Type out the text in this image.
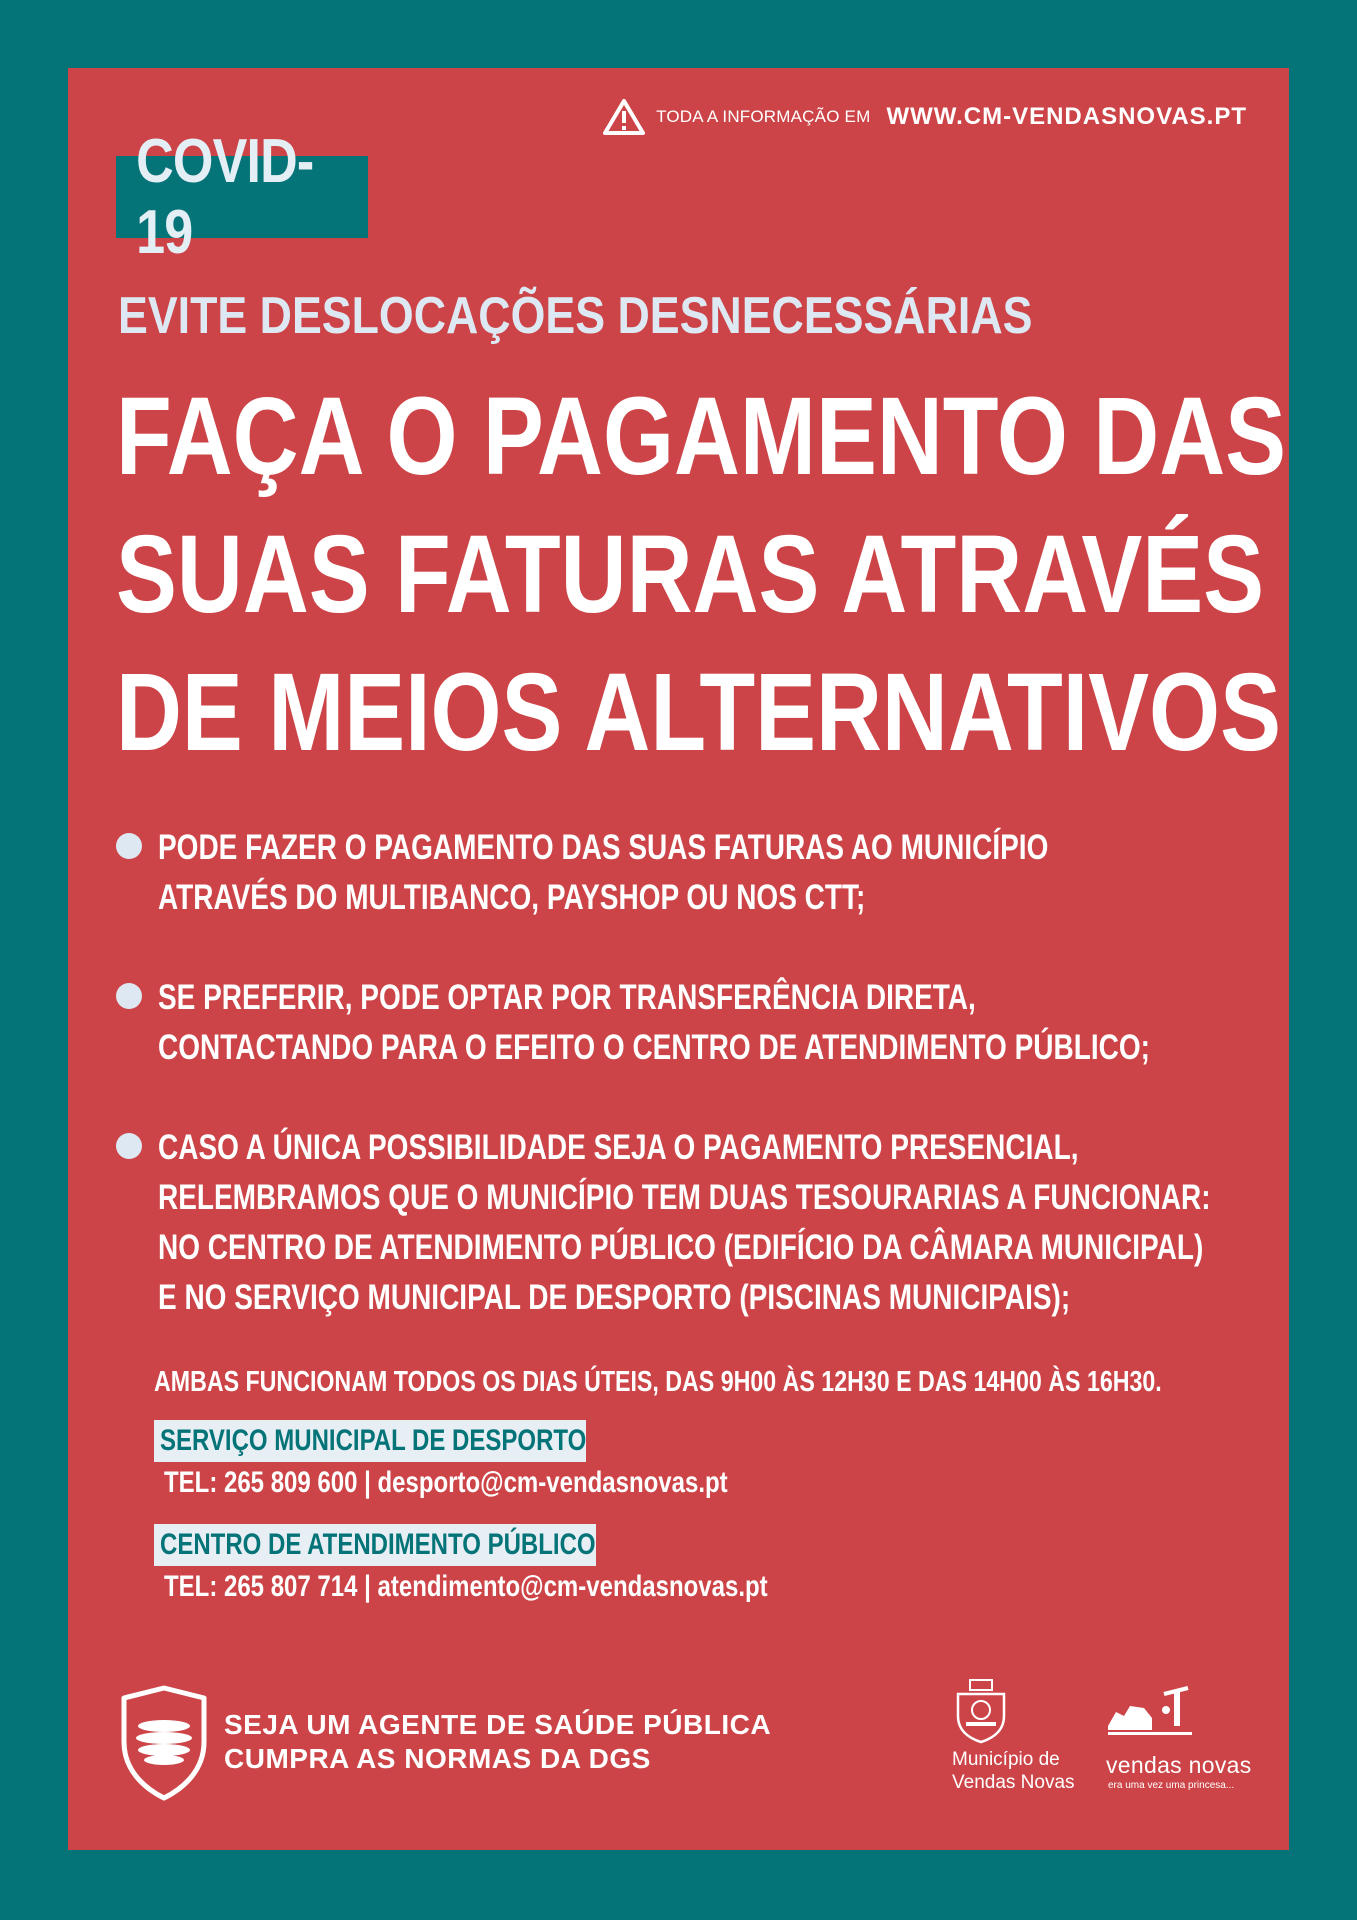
TODA A INFORMAÇÃO EM WWW.CM-VENDASNOVAS.PT
COVID-19
EVITE DESLOCAÇÕES DESNECESSÁRIAS
FAÇA O PAGAMENTO DAS
SUAS FATURAS ATRAVÉS
DE MEIOS ALTERNATIVOS
PODE FAZER O PAGAMENTO DAS SUAS FATURAS AO MUNICÍPIO
ATRAVÉS DO MULTIBANCO, PAYSHOP OU NOS CTT;
SE PREFERIR, PODE OPTAR POR TRANSFERÊNCIA DIRETA,
CONTACTANDO PARA O EFEITO O CENTRO DE ATENDIMENTO PÚBLICO;
CASO A ÚNICA POSSIBILIDADE SEJA O PAGAMENTO PRESENCIAL,
RELEMBRAMOS QUE O MUNICÍPIO TEM DUAS TESOURARIAS A FUNCIONAR:
NO CENTRO DE ATENDIMENTO PÚBLICO (EDIFÍCIO DA CÂMARA MUNICIPAL)
E NO SERVIÇO MUNICIPAL DE DESPORTO (PISCINAS MUNICIPAIS);
AMBAS FUNCIONAM TODOS OS DIAS ÚTEIS, DAS 9H00 ÀS 12H30 E DAS 14H00 ÀS 16H30.
SERVIÇO MUNICIPAL DE DESPORTO
TEL: 265 809 600 | desporto@cm-vendasnovas.pt
CENTRO DE ATENDIMENTO PÚBLICO
TEL: 265 807 714 | atendimento@cm-vendasnovas.pt
SEJA UM AGENTE DE SAÚDE PÚBLICA
CUMPRA AS NORMAS DA DGS	Município de
Vendas Novas
vendas novas
era uma vez uma princesa...
